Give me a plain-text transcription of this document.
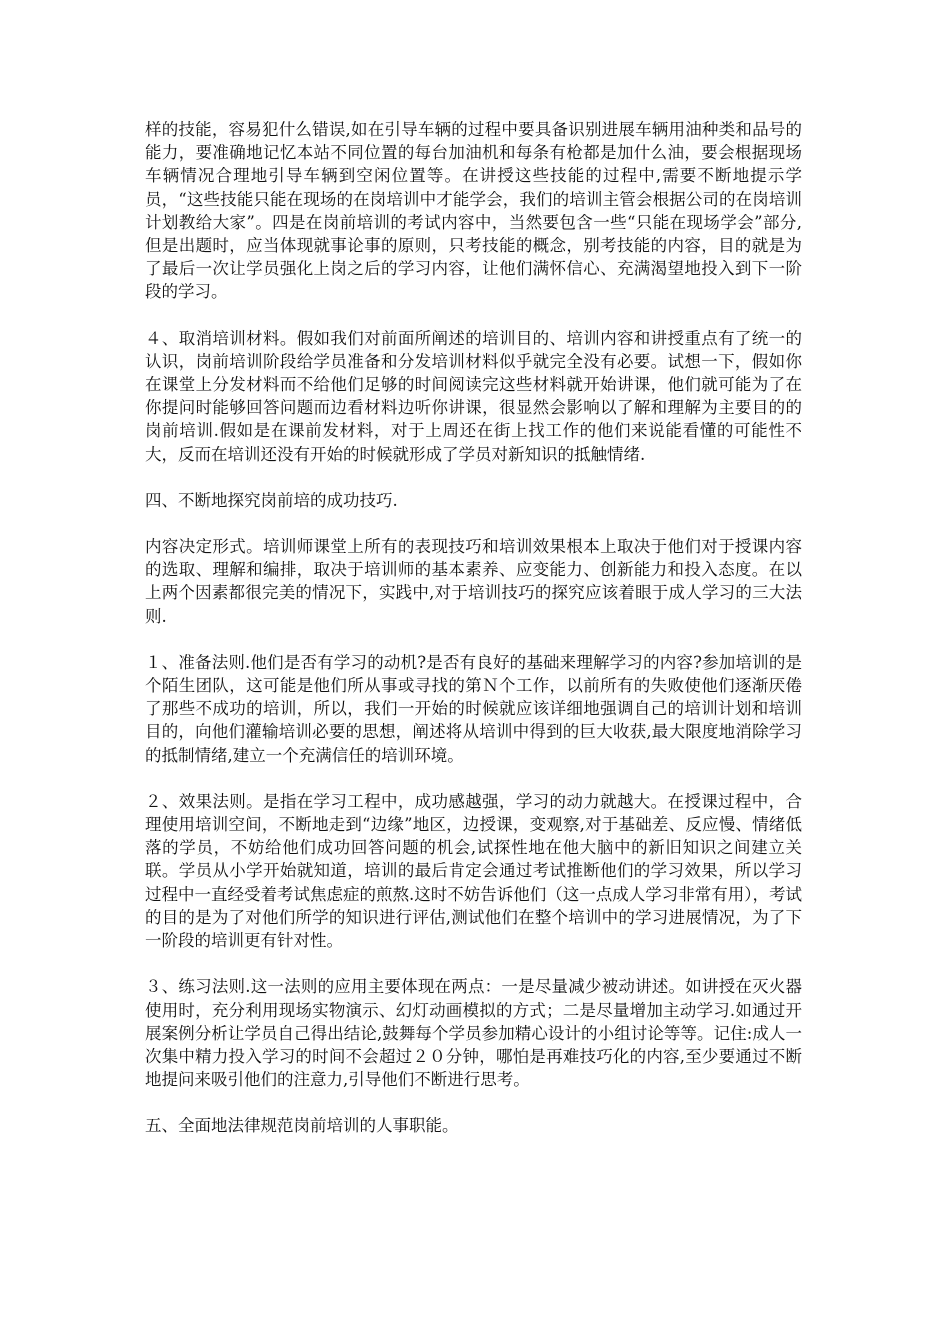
样的技能，容易犯什么错误,如在引导车辆的过程中要具备识别进展车辆用油种类和品号的能力，要准确地记忆本站不同位置的每台加油机和每条有枪都是加什么油，要会根据现场车辆情况合理地引导车辆到空闲位置等。在讲授这些技能的过程中,需要不断地提示学员，“这些技能只能在现场的在岗培训中才能学会，我们的培训主管会根据公司的在岗培训计划教给大家”。四是在岗前培训的考试内容中，当然要包含一些“只能在现场学会”部分,但是出题时，应当体现就事论事的原则，只考技能的概念，别考技能的内容，目的就是为了最后一次让学员强化上岗之后的学习内容，让他们满怀信心、充满渴望地投入到下一阶段的学习。

４、取消培训材料。假如我们对前面所阐述的培训目的、培训内容和讲授重点有了统一的认识，岗前培训阶段给学员准备和分发培训材料似乎就完全没有必要。试想一下，假如你在课堂上分发材料而不给他们足够的时间阅读完这些材料就开始讲课，他们就可能为了在你提问时能够回答问题而边看材料边听你讲课，很显然会影响以了解和理解为主要目的的岗前培训.假如是在课前发材料，对于上周还在街上找工作的他们来说能看懂的可能性不大，反而在培训还没有开始的时候就形成了学员对新知识的抵触情绪.

四、不断地探究岗前培的成功技巧.

内容决定形式。培训师课堂上所有的表现技巧和培训效果根本上取决于他们对于授课内容的选取、理解和编排，取决于培训师的基本素养、应变能力、创新能力和投入态度。在以上两个因素都很完美的情况下，实践中,对于培训技巧的探究应该着眼于成人学习的三大法则.

１、准备法则.他们是否有学习的动机?是否有良好的基础来理解学习的内容?参加培训的是个陌生团队，这可能是他们所从事或寻找的第Ｎ个工作，以前所有的失败使他们逐渐厌倦了那些不成功的培训，所以，我们一开始的时候就应该详细地强调自己的培训计划和培训目的，向他们灌输培训必要的思想，阐述将从培训中得到的巨大收获,最大限度地消除学习的抵制情绪,建立一个充满信任的培训环境。

２、效果法则。是指在学习工程中，成功感越强，学习的动力就越大。在授课过程中，合理使用培训空间，不断地走到“边缘”地区，边授课，变观察,对于基础差、反应慢、情绪低落的学员，不妨给他们成功回答问题的机会,试探性地在他大脑中的新旧知识之间建立关联。学员从小学开始就知道，培训的最后肯定会通过考试推断他们的学习效果，所以学习过程中一直经受着考试焦虑症的煎熬.这时不妨告诉他们（这一点成人学习非常有用），考试的目的是为了对他们所学的知识进行评估,测试他们在整个培训中的学习进展情况，为了下一阶段的培训更有针对性。

３、练习法则.这一法则的应用主要体现在两点：一是尽量减少被动讲述。如讲授在灭火器使用时，充分利用现场实物演示、幻灯动画模拟的方式；二是尽量增加主动学习.如通过开展案例分析让学员自己得出结论,鼓舞每个学员参加精心设计的小组讨论等等。记住:成人一次集中精力投入学习的时间不会超过２０分钟，哪怕是再难技巧化的内容,至少要通过不断地提问来吸引他们的注意力,引导他们不断进行思考。

五、全面地法律规范岗前培训的人事职能。
